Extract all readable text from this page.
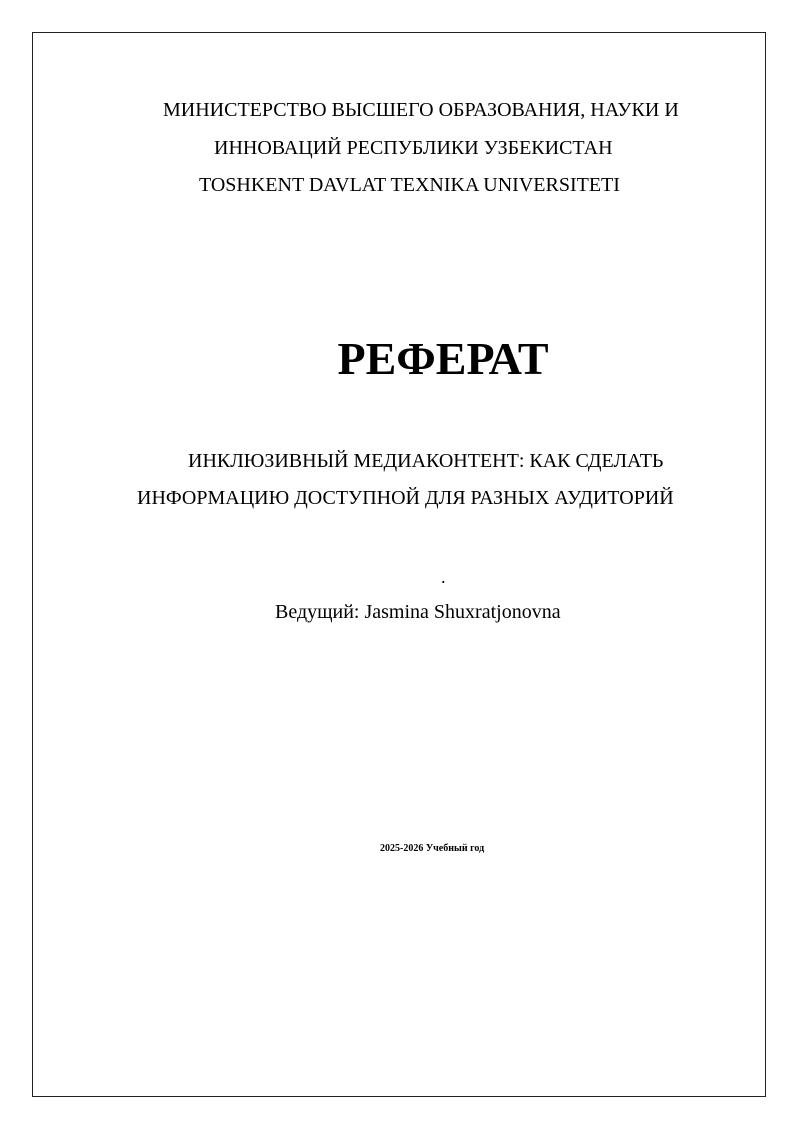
МИНИСТЕРСТВО ВЫСШЕГО ОБРАЗОВАНИЯ, НАУКИ И
ИННОВАЦИЙ РЕСПУБЛИКИ УЗБЕКИСТАН
TOSHKENT DAVLAT TEXNIKA UNIVERSITETI
РЕФЕРАТ
ИНКЛЮЗИВНЫЙ МЕДИАКОНТЕНТ: КАК СДЕЛАТЬ
ИНФОРМАЦИЮ ДОСТУПНОЙ ДЛЯ РАЗНЫХ АУДИТОРИЙ
.
Ведущий: Jasmina Shuxratjonovna
2025-2026 Учебный год
